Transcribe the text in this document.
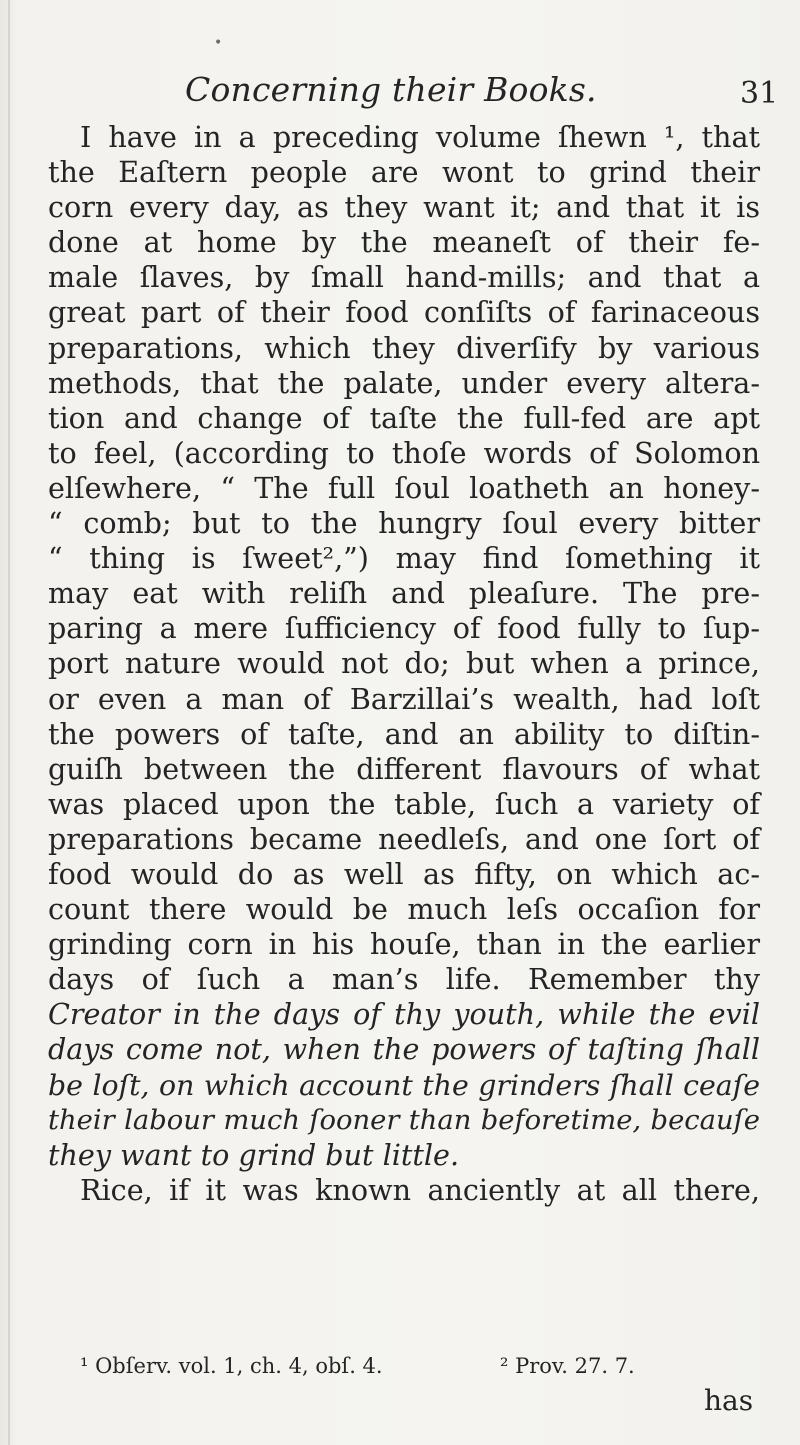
•
Concerning their Books.	31
I have in a preceding volume ſhewn ¹, that
the Eaſtern people are wont to grind their
corn every day, as they want it; and that it is
done at home by the meaneſt of their fe-
male ſlaves, by ſmall hand-mills; and that a
great part of their food conſiſts of farinaceous
preparations, which they diverſify by various
methods, that the palate, under every altera-
tion and change of taſte the full-fed are apt
to feel, (according to thoſe words of Solomon
elſewhere, “ The full ſoul loatheth an honey-
“ comb; but to the hungry ſoul every bitter
“ thing is ſweet²,”) may find ſomething it
may eat with reliſh and pleaſure. The pre-
paring a mere ſufficiency of food fully to ſup-
port nature would not do; but when a prince,
or even a man of Barzillai’s wealth, had loſt
the powers of taſte, and an ability to diſtin-
guiſh between the different flavours of what
was placed upon the table, ſuch a variety of
preparations became needleſs, and one ſort of
food would do as well as fifty, on which ac-
count there would be much leſs occaſion for
grinding corn in his houſe, than in the earlier
days of ſuch a man’s life. Remember thy
Creator in the days of thy youth, while the evil
days come not, when the powers of taſting ſhall
be loſt, on which account the grinders ſhall ceaſe
their labour much ſooner than beforetime, becauſe
they want to grind but little.
Rice, if it was known anciently at all there,
¹ Obſerv. vol. 1, ch. 4, obſ. 4.	² Prov. 27. 7.
has
